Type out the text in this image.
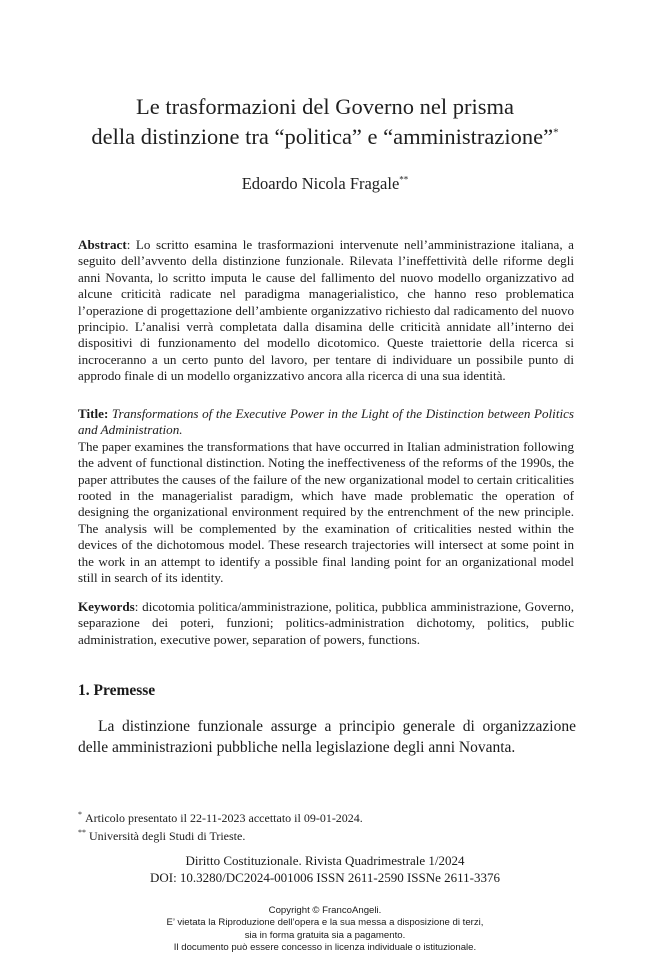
Le trasformazioni del Governo nel prisma
della distinzione tra “politica” e “amministrazione”*
Edoardo Nicola Fragale**
Abstract: Lo scritto esamina le trasformazioni intervenute nell’amministrazione italiana, a seguito dell’avvento della distinzione funzionale. Rilevata l’ineffettività delle riforme degli anni Novanta, lo scritto imputa le cause del fallimento del nuovo modello organizzativo ad alcune criticità radicate nel paradigma managerialistico, che hanno reso problematica l’operazione di progettazione dell’ambiente organizzativo richiesto dal radicamento del nuovo principio. L’analisi verrà completata dalla disamina delle criticità annidate all’interno dei dispositivi di funzionamento del modello dicotomico. Queste traiettorie della ricerca si incroceranno a un certo punto del lavoro, per tentare di individuare un possibile punto di approdo finale di un modello organizzativo ancora alla ricerca di una sua identità.
Title: Transformations of the Executive Power in the Light of the Distinction between Politics and Administration.
The paper examines the transformations that have occurred in Italian administration following the advent of functional distinction. Noting the ineffectiveness of the reforms of the 1990s, the paper attributes the causes of the failure of the new organizational model to certain criticalities rooted in the managerialist paradigm, which have made problematic the operation of designing the organizational environment required by the entrenchment of the new principle. The analysis will be complemented by the examination of criticalities nested within the devices of the dichotomous model. These research trajectories will intersect at some point in the work in an attempt to identify a possible final landing point for an organizational model still in search of its identity.
Keywords: dicotomia politica/amministrazione, politica, pubblica amministrazione, Governo, separazione dei poteri, funzioni; politics-administration dichotomy, politics, public administration, executive power, separation of powers, functions.
1. Premesse
La distinzione funzionale assurge a principio generale di organizzazione delle amministrazioni pubbliche nella legislazione degli anni Novanta.
* Articolo presentato il 22-11-2023 accettato il 09-01-2024.
** Università degli Studi di Trieste.
Diritto Costituzionale. Rivista Quadrimestrale 1/2024
DOI: 10.3280/DC2024-001006 ISSN 2611-2590 ISSNe 2611-3376
Copyright © FrancoAngeli.
E’ vietata la Riproduzione dell’opera e la sua messa a disposizione di terzi,
sia in forma gratuita sia a pagamento.
Il documento può essere concesso in licenza individuale o istituzionale.
